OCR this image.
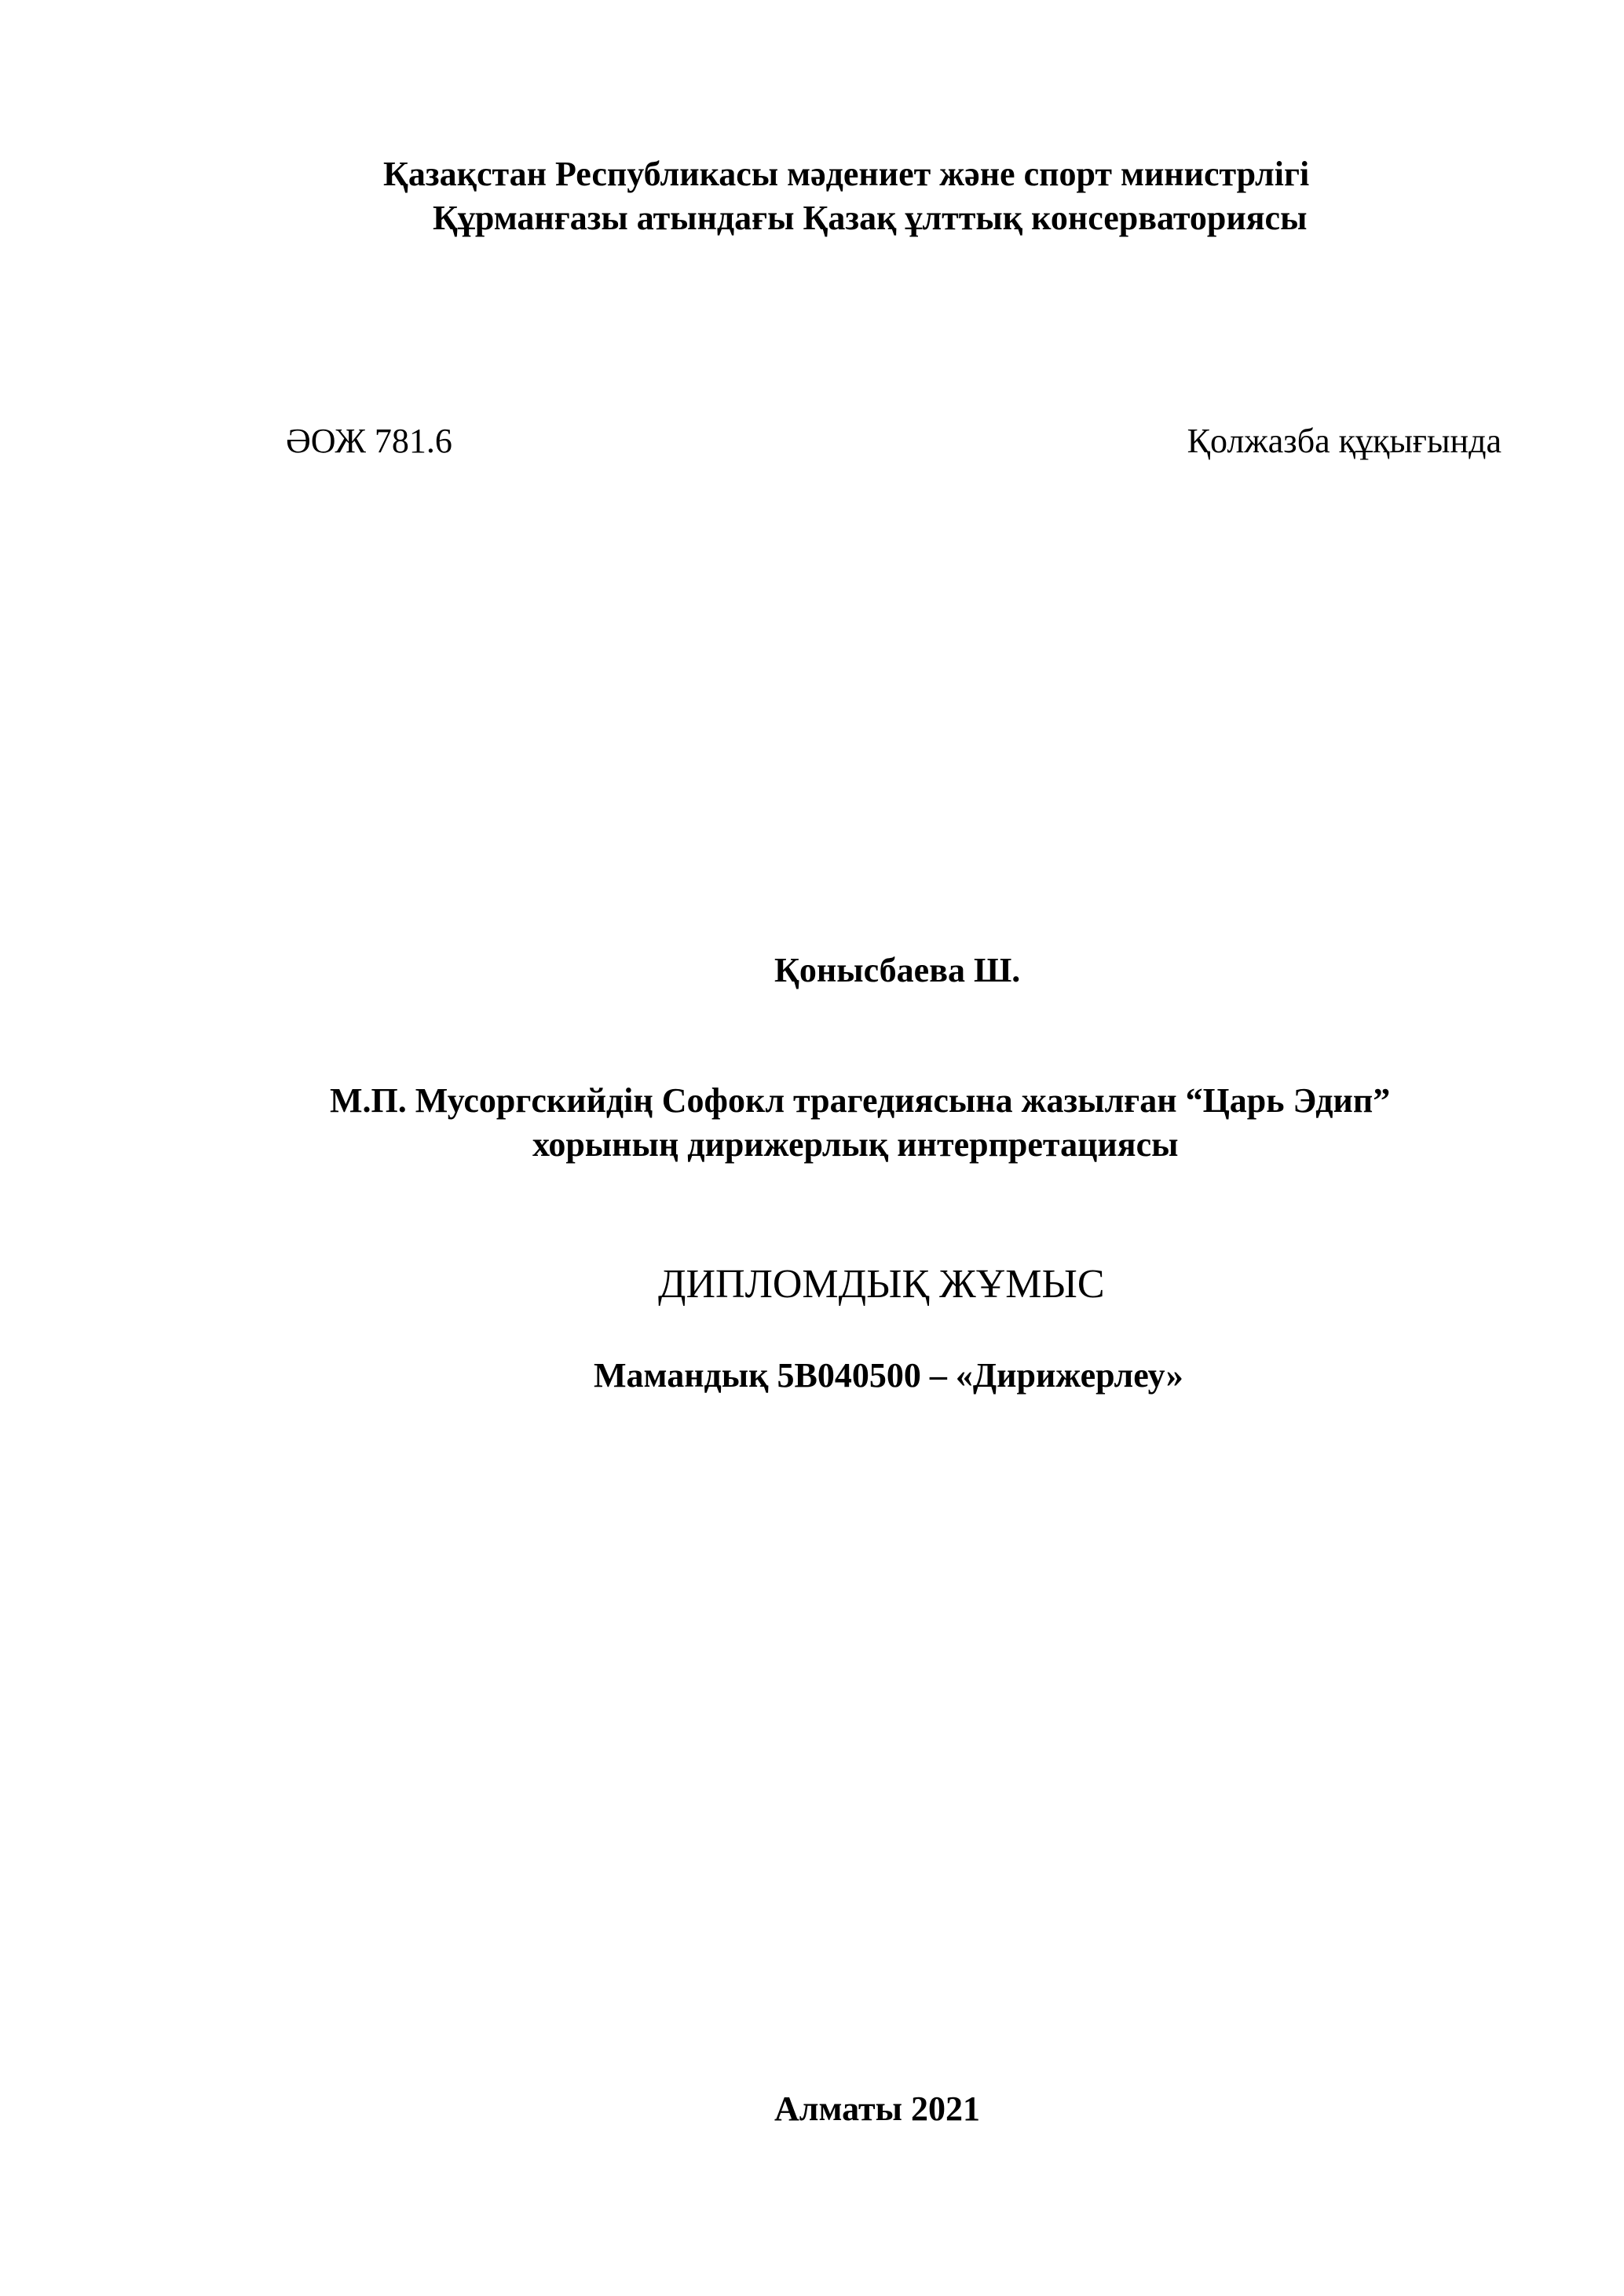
Қазақстан Республикасы мәдениет және спорт министрлігі
Құрманғазы атындағы Қазақ ұлттық консерваториясы
ӘОЖ 781.6	Қолжазба құқығында
Қонысбаева Ш.
М.П. Мусоргскийдің Софокл трагедиясына жазылған “Царь Эдип”
хорының дирижерлық интерпретациясы
ДИПЛОМДЫҚ ЖҰМЫС
Мамандық 5В040500 – «Дирижерлеу»
Алматы 2021
